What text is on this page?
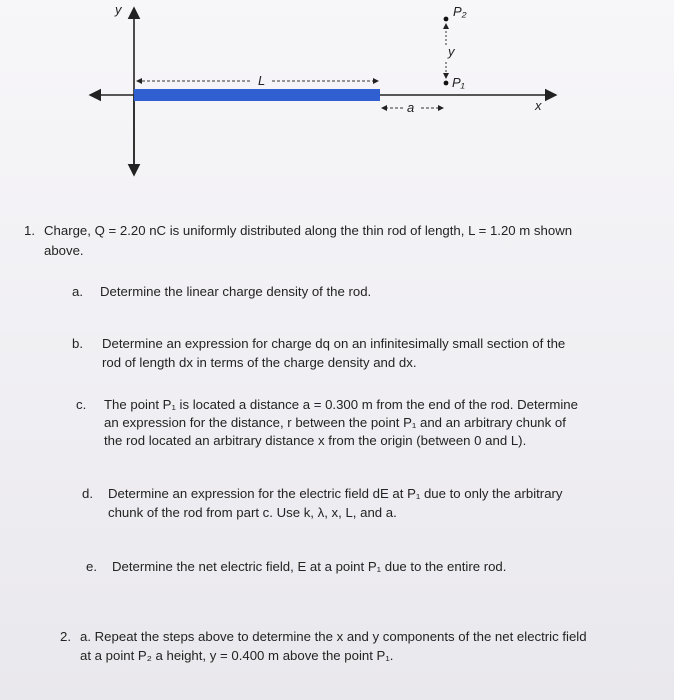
y
x
L
a
y
P₁
P₂
1. Charge, Q = 2.20 nC is uniformly distributed along the thin rod of length, L = 1.20 m shown
above.
a. Determine the linear charge density of the rod.
b. Determine an expression for charge dq on an infinitesimally small section of the
rod of length dx in terms of the charge density and dx.
c. The point P₁ is located a distance a = 0.300 m from the end of the rod. Determine
an expression for the distance, r between the point P₁ and an arbitrary chunk of
the rod located an arbitrary distance x from the origin (between 0 and L).
d. Determine an expression for the electric field dE at P₁ due to only the arbitrary
chunk of the rod from part c. Use k, λ, x, L, and a.
e. Determine the net electric field, E at a point P₁ due to the entire rod.
2. a. Repeat the steps above to determine the x and y components of the net electric field
at a point P₂ a height, y = 0.400 m above the point P₁.
